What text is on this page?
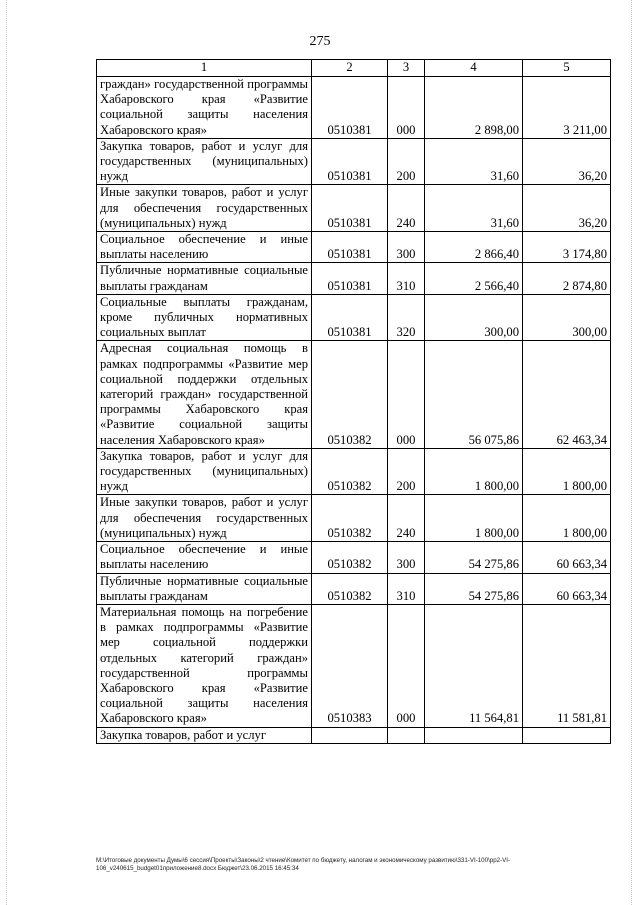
275
1	2	3	4	5
граждан» государственной программы Хабаровского края «Развитие социальной защиты населения Хабаровского края»	0510381	000	2 898,00	3 211,00
Закупка товаров, работ и услуг для государственных (муниципальных) нужд	0510381	200	31,60	36,20
Иные закупки товаров, работ и услуг для обеспечения государственных (муниципальных) нужд	0510381	240	31,60	36,20
Социальное обеспечение и иные выплаты населению	0510381	300	2 866,40	3 174,80
Публичные нормативные социальные выплаты гражданам	0510381	310	2 566,40	2 874,80
Социальные выплаты гражданам, кроме публичных нормативных социальных выплат	0510381	320	300,00	300,00
Адресная социальная помощь в рамках подпрограммы «Развитие мер социальной поддержки отдельных категорий граждан» государственной программы Хабаровского края «Развитие социальной защиты населения Хабаровского края»	0510382	000	56 075,86	62 463,34
Закупка товаров, работ и услуг для государственных (муниципальных) нужд	0510382	200	1 800,00	1 800,00
Иные закупки товаров, работ и услуг для обеспечения государственных (муниципальных) нужд	0510382	240	1 800,00	1 800,00
Социальное обеспечение и иные выплаты населению	0510382	300	54 275,86	60 663,34
Публичные нормативные социальные выплаты гражданам	0510382	310	54 275,86	60 663,34
Материальная помощь на погребение в рамках подпрограммы «Развитие мер социальной поддержки отдельных категорий граждан» государственной программы Хабаровского края «Развитие социальной защиты населения Хабаровского края»	0510383	000	11 564,81	11 581,81
Закупка товаров, работ и услуг				
M:\Итоговые документы Думы\6 сессия\Проекты\Законы\2 чтение\Комитет по бюджету, налогам и экономическому развитию\331-VI-100\рр2-VI-106_v240615_budget01приложение8.docx Бюджет\23.06.2015 16:45:34
